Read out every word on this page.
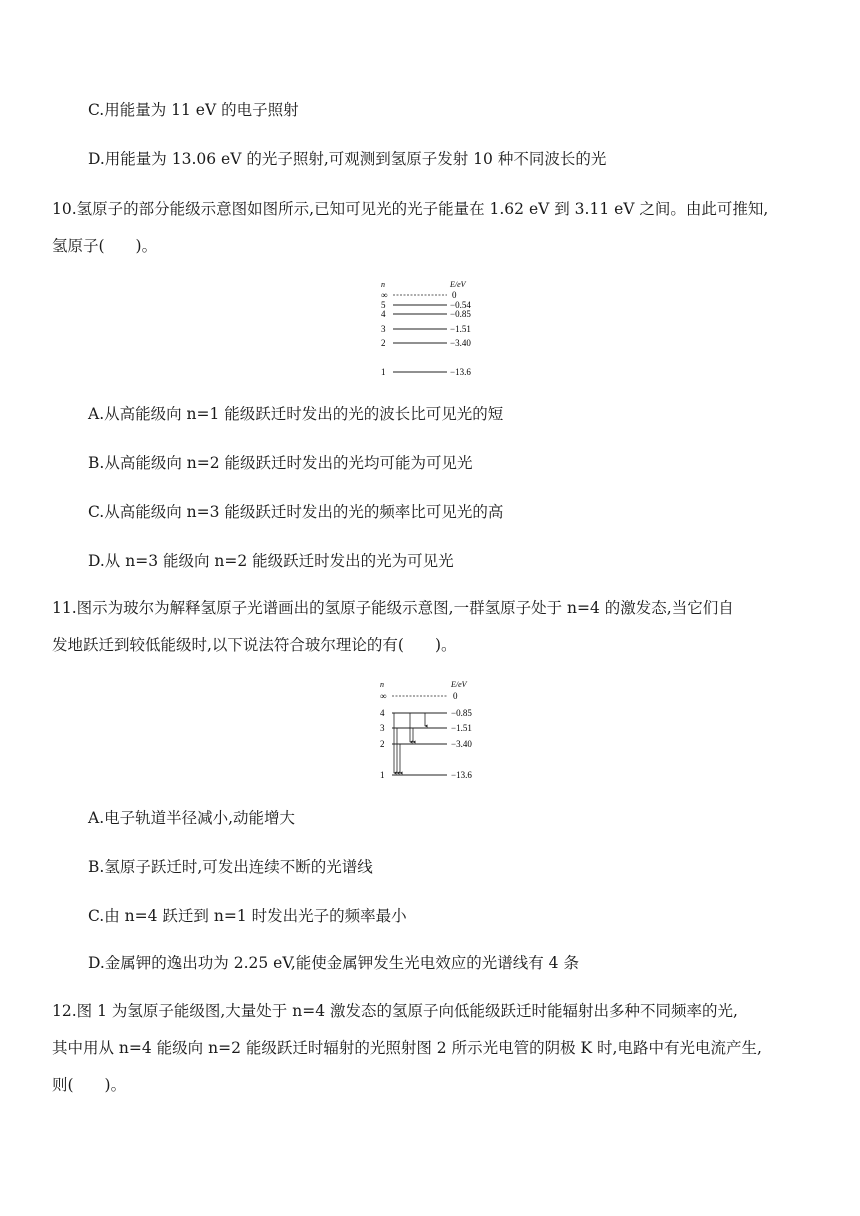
C.用能量为 11 eV 的电子照射
D.用能量为 13.06 eV 的光子照射,可观测到氢原子发射 10 种不同波长的光
10.氢原子的部分能级示意图如图所示,已知可见光的光子能量在 1.62 eV 到 3.11 eV 之间。由此可推知,
氢原子(　　)。
n	E/eV
∞	0
5	−0.54
4	−0.85
3	−1.51
2	−3.40
1	−13.6
A.从高能级向 n=1 能级跃迁时发出的光的波长比可见光的短
B.从高能级向 n=2 能级跃迁时发出的光均可能为可见光
C.从高能级向 n=3 能级跃迁时发出的光的频率比可见光的高
D.从 n=3 能级向 n=2 能级跃迁时发出的光为可见光
11.图示为玻尔为解释氢原子光谱画出的氢原子能级示意图,一群氢原子处于 n=4 的激发态,当它们自
发地跃迁到较低能级时,以下说法符合玻尔理论的有(　　)。
n	E/eV
∞	0
4	−0.85
3	−1.51
2	−3.40
1	−13.6
A.电子轨道半径减小,动能增大
B.氢原子跃迁时,可发出连续不断的光谱线
C.由 n=4 跃迁到 n=1 时发出光子的频率最小
D.金属钾的逸出功为 2.25 eV,能使金属钾发生光电效应的光谱线有 4 条
12.图 1 为氢原子能级图,大量处于 n=4 激发态的氢原子向低能级跃迁时能辐射出多种不同频率的光,
其中用从 n=4 能级向 n=2 能级跃迁时辐射的光照射图 2 所示光电管的阴极 K 时,电路中有光电流产生,
则(　　)。
